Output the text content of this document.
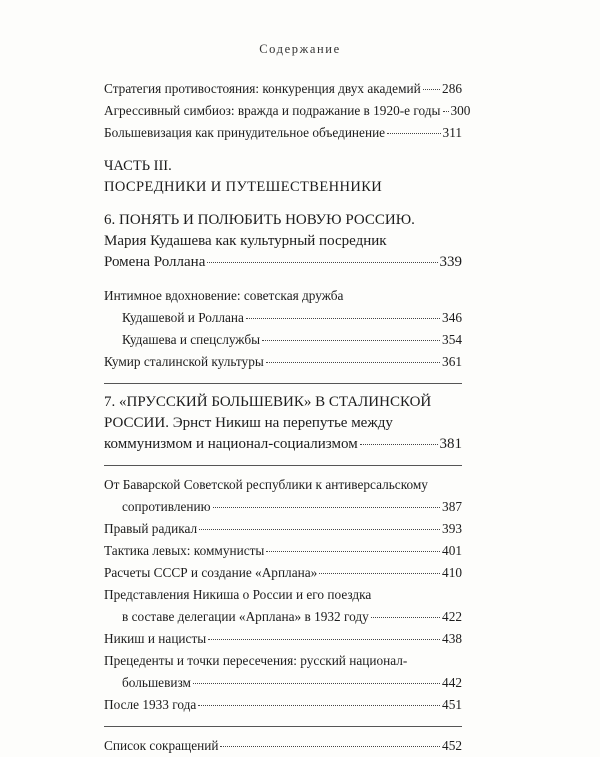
Содержание
Стратегия противостояния: конкуренция двух академий 286
Агрессивный симбиоз: вражда и подражание в 1920-е годы 300
Большевизация как принудительное объединение	311
ЧАСТЬ III.
ПОСРЕДНИКИ И ПУТЕШЕСТВЕННИКИ
6. ПОНЯТЬ И ПОЛЮБИТЬ НОВУЮ РОССИЮ.
Мария Кудашева как культурный посредник
Ромена Роллана	339
Интимное вдохновение: советская дружба
Кудашевой и Роллана	346
Кудашева и спецслужбы	354
Кумир сталинской культуры	361
7. «ПРУССКИЙ БОЛЬШЕВИК» В СТАЛИНСКОЙ
РОССИИ. Эрнст Никиш на перепутье между
коммунизмом и национал-социализмом	381
От Баварской Советской республики к антиверсальскому
сопротивлению	387
Правый радикал	393
Тактика левых: коммунисты	401
Расчеты СССР и создание «Арплана»	410
Представления Никиша о России и его поездка
в составе делегации «Арплана» в 1932 году	422
Никиш и нацисты	438
Прецеденты и точки пересечения: русский национал-
большевизм	442
После 1933 года	451
Список сокращений	452
